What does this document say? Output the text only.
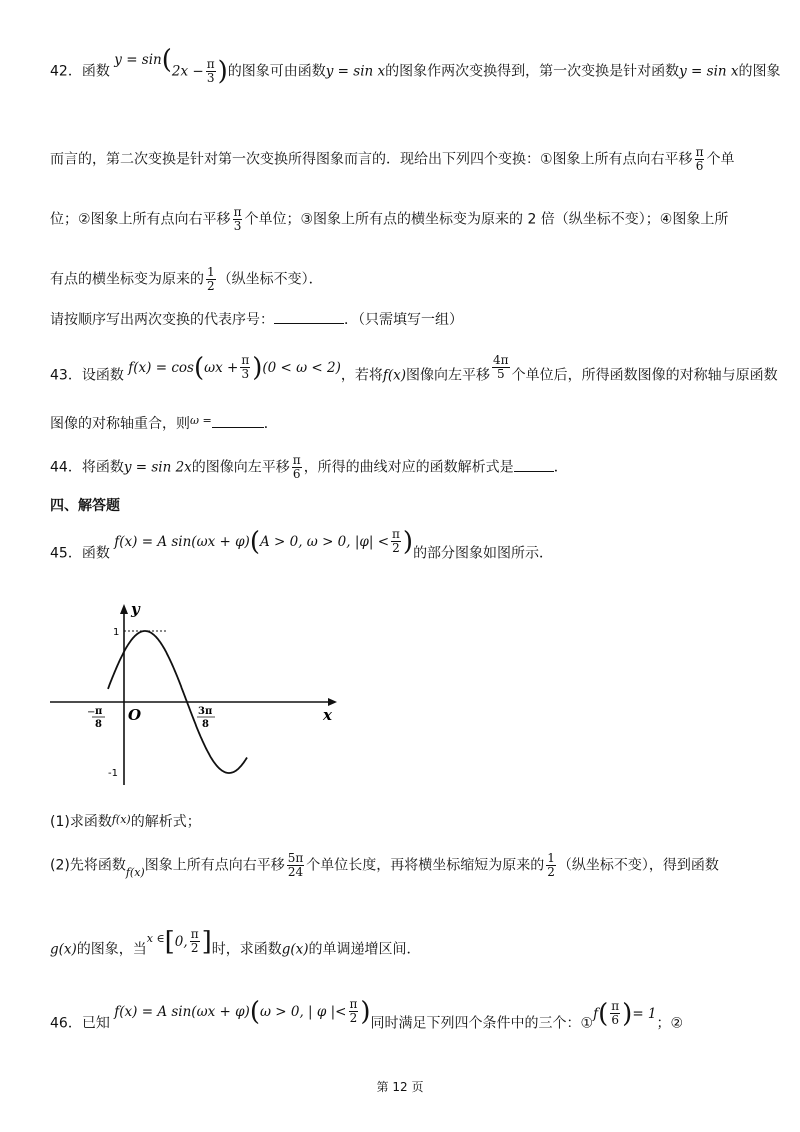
42．函数 $y = \sin(2x - \frac{\pi}{3}$ )的图象可由函数y = sin x的图象作两次变换得到，第一次变换是针对函数y = sin x的图象
而言的，第二次变换是针对第一次变换所得图象而言的．现给出下列四个变换：①图象上所有点向右平移 $\frac{\pi}{6}$ 个单
位；②图象上所有点向右平移 $\frac{\pi}{3}$ 个单位；③图象上所有点的横坐标变为原来的 2 倍（纵坐标不变）；④图象上所
有点的横坐标变为原来的 $\frac{1}{2}$ （纵坐标不变）．
请按顺序写出两次变换的代表序号：	．（只需填写一组）
43．设函数 $f(x) = \cos(\omega x + \frac{\pi}{3} )(0 < \omega < 2)$，若将f(x)图像向左平移 $\frac{4\pi}{5}$ 个单位后，所得函数图像的对称轴与原函数
图像的对称轴重合，则$^{\omega =}$	．
44．将函数y = sin 2x的图像向左平移 $\frac{\pi}{6}$ ，所得的曲线对应的函数解析式是	．
四、解答题
45．函数 f(x) = A sin(ωx + φ)(A > 0, ω > 0, $|\varphi| < \frac{\pi}{2}$ )的部分图象如图所示．
y
x
O
1
-1
− π
8
3π
8
(1)求函数$^{f(x)}$的解析式；
(2)先将函数$_{f(x)}$图象上所有点向右平移 $\frac{5\pi}{24}$ 个单位长度，再将横坐标缩短为原来的 $\frac{1}{2}$ （纵坐标不变），得到函数
g(x)的图象，当$^{x \in}$[0, $\frac{\pi}{2}$ ]时，求函数g(x)的单调递增区间．
46．已知 f(x) = A sin(ωx + φ)(ω > 0, | φ |< $\frac{\pi}{2}$ )同时满足下列四个条件中的三个：①f( $\frac{\pi}{6}$ )= 1；②
第 12 页
